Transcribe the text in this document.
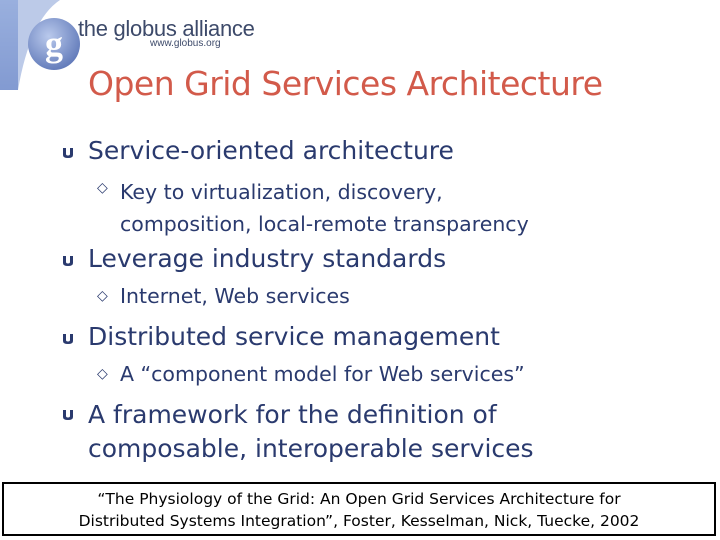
g the globus alliance
www.globus.org
Open Grid Services Architecture
Service-oriented architecture
◇ Key to virtualization, discovery,
composition, local-remote transparency
Leverage industry standards
◇ Internet, Web services
Distributed service management
◇ A “component model for Web services”
A framework for the definition of
composable, interoperable services
“The Physiology of the Grid: An Open Grid Services Architecture for
Distributed Systems Integration”, Foster, Kesselman, Nick, Tuecke, 2002
